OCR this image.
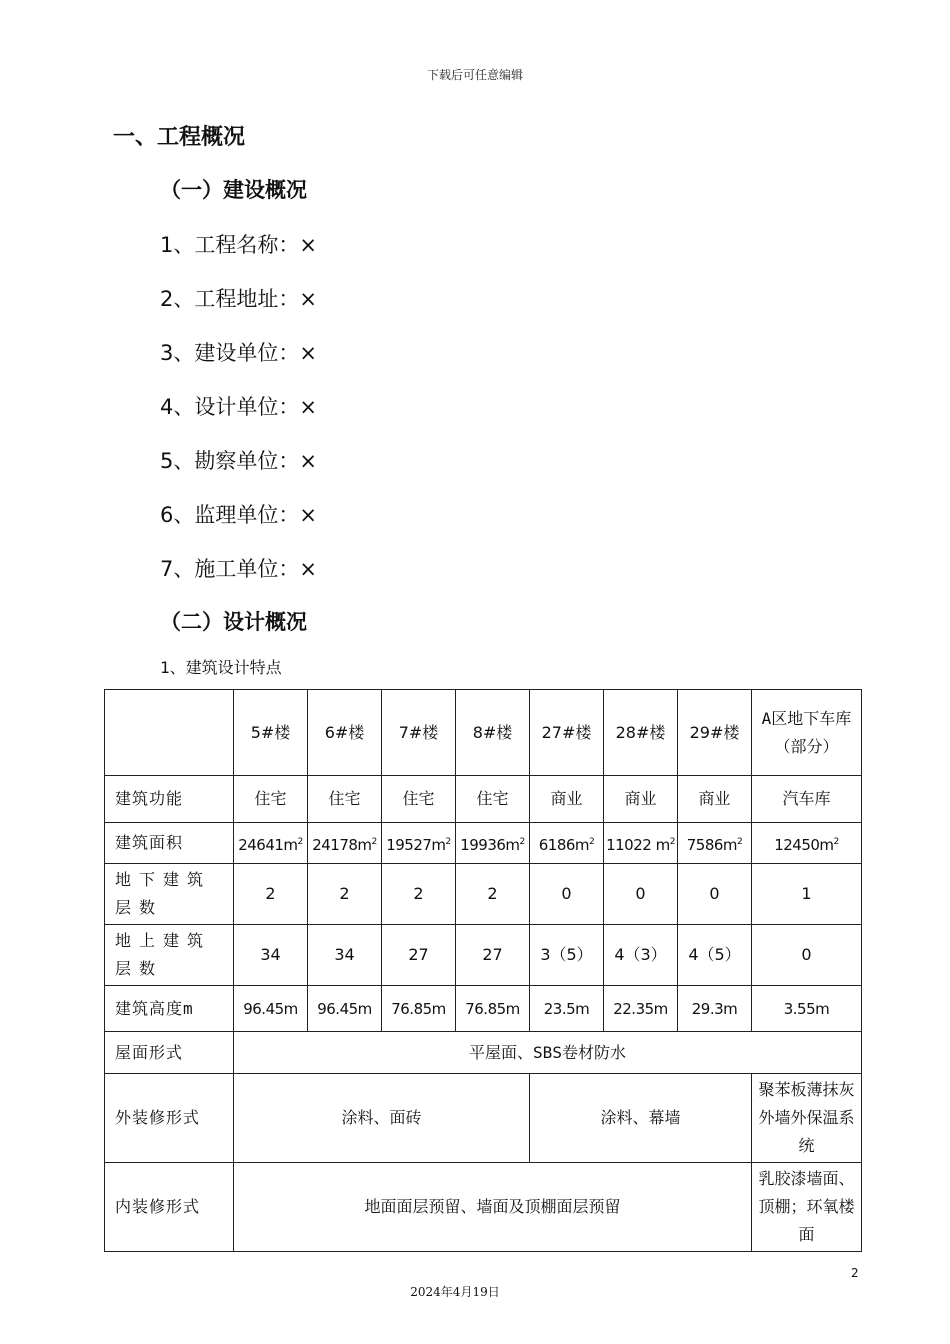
下载后可任意编辑
一、工程概况
（一）建设概况
1、工程名称：×
2、工程地址：×
3、建设单位：×
4、设计单位：×
5、勘察单位：×
6、监理单位：×
7、施工单位：×
（二）设计概况
1、建筑设计特点
	5#楼	6#楼	7#楼	8#楼	27#楼	28#楼	29#楼	A区地下车库（部分）
建筑功能	住宅	住宅	住宅	住宅	商业	商业	商业	汽车库
建筑面积	$24641m^2$	$24178m^2$	$19527m^2$	$19936m^2$	$6186m^2$	11022 $m^2$	$7586m^2$	$12450m^2$
地下建筑层数	2	2	2	2	0	0	0	1
地上建筑层数	34	34	27	27	3（5）	4（3）	4（5）	0
建筑高度m	96.45m	96.45m	76.85m	76.85m	23.5m	22.35m	29.3m	3.55m
屋面形式	平屋面、SBS卷材防水							
外装修形式	涂料、面砖				涂料、幕墙			聚苯板薄抹灰外墙外保温系统
内装修形式	地面面层预留、墙面及顶棚面层预留							乳胶漆墙面、顶棚；环氧楼面
2
2024年4月19日
